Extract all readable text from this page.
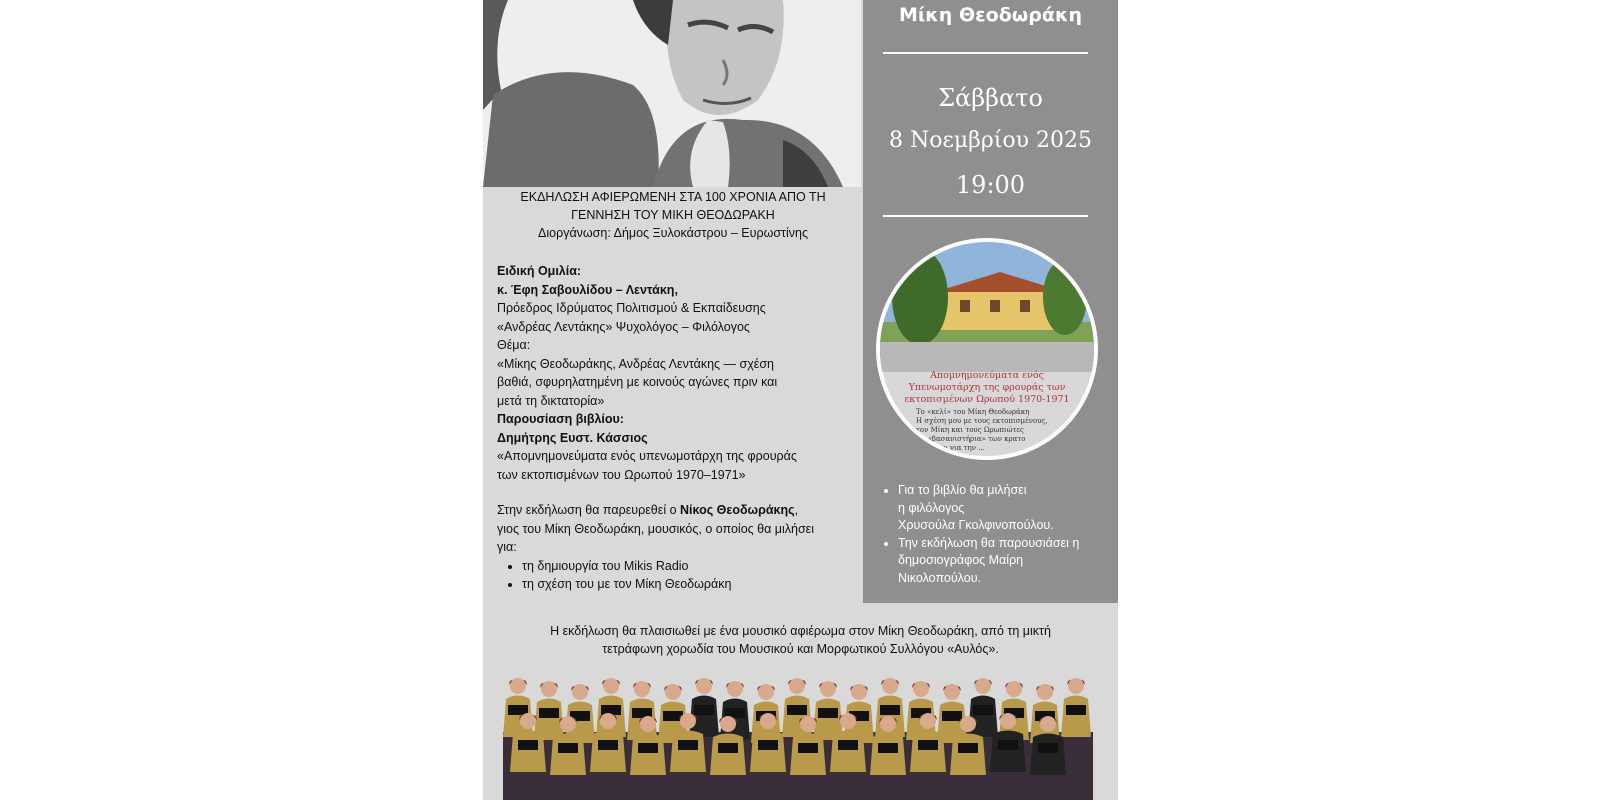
Μίκη Θεοδωράκη
Σάββατο
8 Νοεμβρίου 2025
19:00
Απομνημονεύματα ενός
Υπενωμοτάρχη της φρουράς των
εκτοπισμένων Ωρωπού 1970-1971
Το «κελί» του Μίκη Θεοδωράκη
Η σχέση μου με τους εκτοπισμένους,
τον Μίκη και τους Ωρωπιώτες
Τα «βασανιστήρια» των κρατο
...ως μου για την ...
• Για το βιβλίο θα μιλήσει
η φιλόλογος
Χρυσούλα Γκολφινοπούλου.
• Την εκδήλωση θα παρουσιάσει η
δημοσιογράφος Μαίρη
Νικολοπούλου.
ΕΚΔΗΛΩΣΗ ΑΦΙΕΡΩΜΕΝΗ ΣΤΑ 100 ΧΡΟΝΙΑ ΑΠΟ ΤΗ
ΓΕΝΝΗΣΗ ΤΟΥ ΜΙΚΗ ΘΕΟΔΩΡΑΚΗ
Διοργάνωση: Δήμος Ξυλοκάστρου – Ευρωστίνης

Ειδική Ομιλία:

κ. Έφη Σαβουλίδου – Λεντάκη,

Πρόεδρος Ιδρύματος Πολιτισμού & Εκπαίδευσης

«Ανδρέας Λεντάκης» Ψυχολόγος – Φιλόλογος

Θέμα:

«Μίκης Θεοδωράκης, Ανδρέας Λεντάκης — σχέση

βαθιά, σφυρηλατημένη με κοινούς αγώνες πριν και

μετά τη δικτατορία»

Παρουσίαση βιβλίου:

Δημήτρης Ευστ. Κάσσιος

«Απομνημονεύματα ενός υπενωμοτάρχη της φρουράς

των εκτοπισμένων του Ωρωπού 1970–1971»

Στην εκδήλωση θα παρευρεθεί ο Νίκος Θεοδωράκης,

γιος του Μίκη Θεοδωράκη, μουσικός, ο οποίος θα μιλήσει

για:

• τη δημιουργία του Mikis Radio
• τη σχέση του με τον Μίκη Θεοδωράκη
Η εκδήλωση θα πλαισιωθεί με ένα μουσικό αφιέρωμα στον Μίκη Θεοδωράκη, από τη μικτή
τετράφωνη χορωδία του Μουσικού και Μορφωτικού Συλλόγου «Αυλός».
